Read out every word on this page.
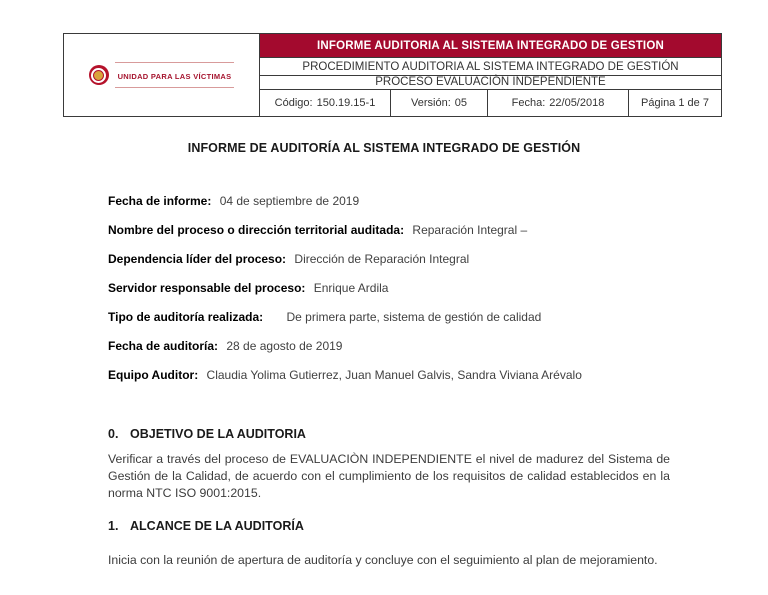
UNIDAD PARA LAS VÍCTIMAS
INFORME AUDITORIA AL SISTEMA INTEGRADO DE GESTION
PROCEDIMIENTO AUDITORIA AL SISTEMA INTEGRADO DE GESTIÓN
PROCESO EVALUACIÒN INDEPENDIENTE
Código: 150.19.15-1	Versión: 05	Fecha: 22/05/2018	Página 1 de 7
INFORME DE AUDITORÍA AL SISTEMA INTEGRADO DE GESTIÓN
Fecha de informe: 04 de septiembre de 2019
Nombre del proceso o dirección territorial auditada: Reparación Integral –
Dependencia líder del proceso: Dirección de Reparación Integral
Servidor responsable del proceso: Enrique Ardila
Tipo de auditoría realizada: De primera parte, sistema de gestión de calidad
Fecha de auditoría: 28 de agosto de 2019
Equipo Auditor: Claudia Yolima Gutierrez, Juan Manuel Galvis, Sandra Viviana Arévalo
0. OBJETIVO DE LA AUDITORIA
Verificar a través del proceso de EVALUACIÒN INDEPENDIENTE el nivel de madurez del Sistema de Gestión de la Calidad, de acuerdo con el cumplimiento de los requisitos de calidad establecidos en la norma NTC ISO 9001:2015.
1. ALCANCE DE LA AUDITORÍA
Inicia con la reunión de apertura de auditoría y concluye con el seguimiento al plan de mejoramiento.
